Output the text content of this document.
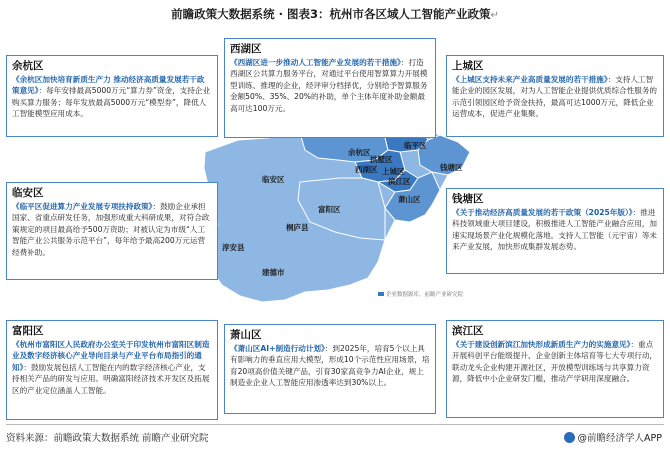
前瞻政策大数据系统 · 图表3：杭州市各区域人工智能产业政策↵
企业数据源库，前瞻产业研究院
余杭区
临平区
拱墅区
西湖区 上城区
滨江区
钱塘区
萧山区
临安区
富阳区
桐庐县
淳安县
建德市
余杭区
《余杭区加快培育新质生产力 推动经济高质量发展若干政策意见》：每年安排最高5000万元“算力券”资金，支持企业购买算力服务；每年发放最高5000万元“模型券”，降低人工智能模型应用成本。
西湖区
《西湖区进一步推动人工智能产业发展的若干措施》：打造西湖区公共算力服务平台，对通过平台使用智算算力开展模型训练、推理的企业，经评审分档择优，分别给予智算服务金额50%、35%、20%的补助，单个主体年度补助金额最高可达100万元。
上城区
《上城区支持未来产业高质量发展的若干措施》：支持人工智能企业的园区发展，对为人工智能企业提供优质综合性服务的示范引领园区给予资金扶持，最高可达1000万元，降低企业运营成本，促进产业集聚。
临安区
《临平区促进算力产业发展专项扶持政策》：鼓励企业承担国家、省重点研发任务，加强形成重大科研成果，对符合政策规定的项目最高给予500万资助；对被认定为市级“人工智能产业公共服务示范平台”，每年给予最高200万元运营经费补助。
钱塘区
《关于推动经济高质量发展的若干政策（2025年版）》：推进科技领域重大项目建设，积极推进人工智能产业融合应用，加速实现场景产业化规模化落地。支持人工智能（元宇宙）等未来产业发展，加快形成集群发展态势。
富阳区
《杭州市富阳区人民政府办公室关于印发杭州市富阳区制造业及数字经济核心产业导向目录与产业平台布局指引的通知》：鼓励发展包括人工智能在内的数字经济核心产业，支持相关产品的研发与应用。明确富阳经济技术开发区及拓展区的产业定位涵盖人工智能。
萧山区
《萧山区AI+制造行动计划》：到2025年，培育5个以上具有影响力的垂直应用大模型，形成10个示范性应用场景，培育20项高价值关键产品，引育30家高竞争力AI企业，规上制造业企业人工智能应用渗透率达到30%以上。
滨江区
《关于建设创新滨江加快形成新质生产力的实施意见》：重点开展科创平台能级提升、企业创新主体培育等七大专项行动，联动龙头企业构建开源社区，开放模型训练场与共享算力资源，降低中小企业研发门槛，推动产学研用深度融合。
资料来源：前瞻政策大数据系统 前瞻产业研究院	@前瞻经济学人APP
